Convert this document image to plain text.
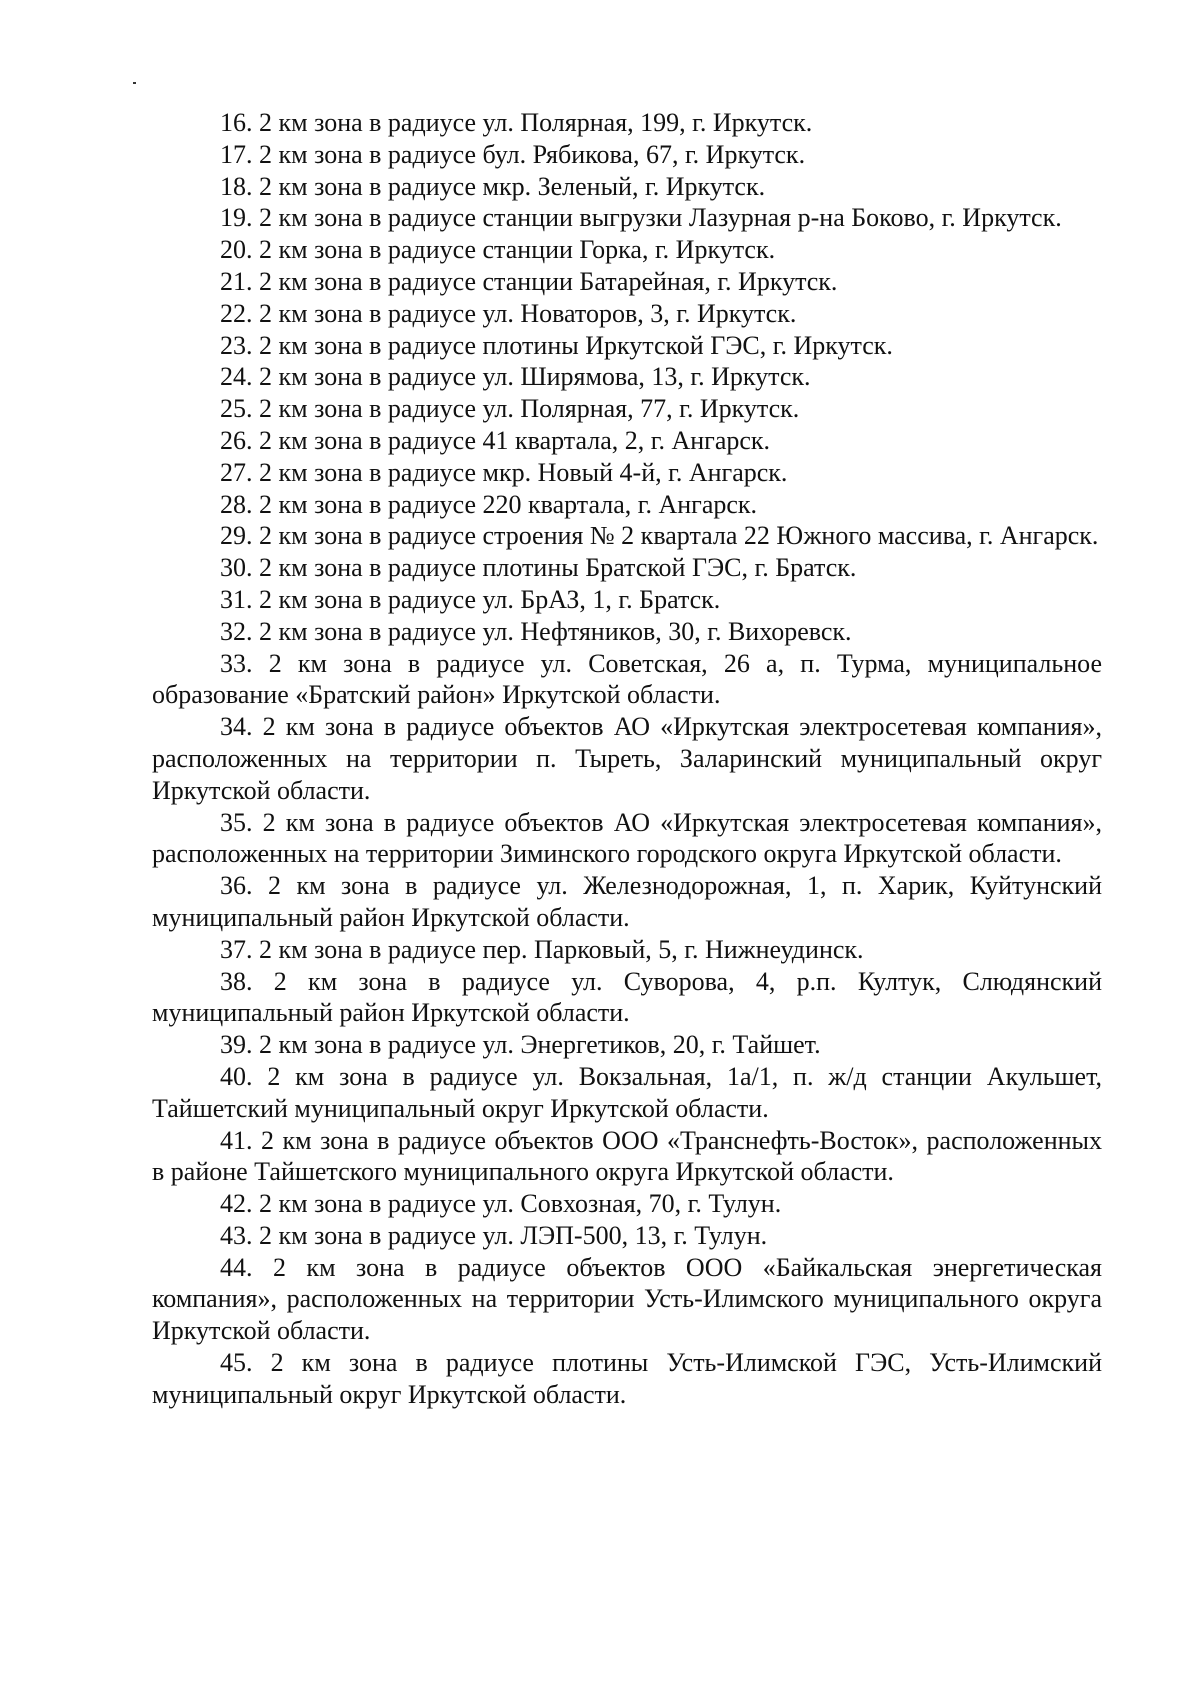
16. 2 км зона в радиусе ул. Полярная, 199, г. Иркутск.

17. 2 км зона в радиусе бул. Рябикова, 67, г. Иркутск.

18. 2 км зона в радиусе мкр. Зеленый, г. Иркутск.

19. 2 км зона в радиусе станции выгрузки Лазурная р-на Боково, г. Иркутск.

20. 2 км зона в радиусе станции Горка, г. Иркутск.

21. 2 км зона в радиусе станции Батарейная, г. Иркутск.

22. 2 км зона в радиусе ул. Новаторов, 3, г. Иркутск.

23. 2 км зона в радиусе плотины Иркутской ГЭС, г. Иркутск.

24. 2 км зона в радиусе ул. Ширямова, 13, г. Иркутск.

25. 2 км зона в радиусе ул. Полярная, 77, г. Иркутск.

26. 2 км зона в радиусе 41 квартала, 2, г. Ангарск.

27. 2 км зона в радиусе мкр. Новый 4-й, г. Ангарск.

28. 2 км зона в радиусе 220 квартала, г. Ангарск.

29. 2 км зона в радиусе строения № 2 квартала 22 Южного массива, г. Ангарск.

30. 2 км зона в радиусе плотины Братской ГЭС, г. Братск.

31. 2 км зона в радиусе ул. БрАЗ, 1, г. Братск.

32. 2 км зона в радиусе ул. Нефтяников, 30, г. Вихоревск.

33. 2 км зона в радиусе ул. Советская, 26 а, п. Турма, муниципальное образование «Братский район» Иркутской области.

34. 2 км зона в радиусе объектов АО «Иркутская электросетевая компания», расположенных на территории п. Тыреть, Заларинский муниципальный округ Иркутской области.

35. 2 км зона в радиусе объектов АО «Иркутская электросетевая компания», расположенных на территории Зиминского городского округа Иркутской области.

36. 2 км зона в радиусе ул. Железнодорожная, 1, п. Харик, Куйтунский муниципальный район Иркутской области.

37. 2 км зона в радиусе пер. Парковый, 5, г. Нижнеудинск.

38. 2 км зона в радиусе ул. Суворова, 4, р.п. Култук, Слюдянский муниципальный район Иркутской области.

39. 2 км зона в радиусе ул. Энергетиков, 20, г. Тайшет.

40. 2 км зона в радиусе ул. Вокзальная, 1а/1, п. ж/д станции Акульшет, Тайшетский муниципальный округ Иркутской области.

41. 2 км зона в радиусе объектов ООО «Транснефть-Восток», расположенных в районе Тайшетского муниципального округа Иркутской области.

42. 2 км зона в радиусе ул. Совхозная, 70, г. Тулун.

43. 2 км зона в радиусе ул. ЛЭП-500, 13, г. Тулун.

44. 2 км зона в радиусе объектов ООО «Байкальская энергетическая компания», расположенных на территории Усть-Илимского муниципального округа Иркутской области.

45. 2 км зона в радиусе плотины Усть-Илимской ГЭС, Усть-Илимский муниципальный округ Иркутской области.
